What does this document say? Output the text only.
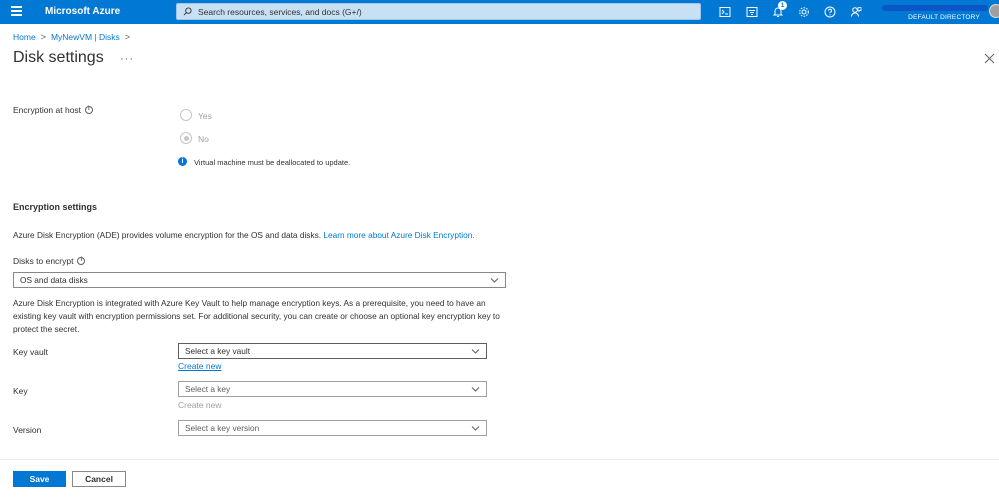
Microsoft Azure
Search resources, services, and docs (G+/)
1
DEFAULT DIRECTORY
Home > MyNewVM | Disks >
Disk settings ···
Encryption at host
i
Yes
No
i	Virtual machine must be deallocated to update.
Encryption settings
Azure Disk Encryption (ADE) provides volume encryption for the OS and data disks. Learn more about Azure Disk Encryption.
Disks to encrypt
i
OS and data disks
Azure Disk Encryption is integrated with Azure Key Vault to help manage encryption keys. As a prerequisite, you need to have an existing key vault with encryption permissions set. For additional security, you can create or choose an optional key encryption key to protect the secret.
Key vault	Select a key vault
Create new
Key	Select a key
Create new
Version	Select a key version
Save	Cancel
